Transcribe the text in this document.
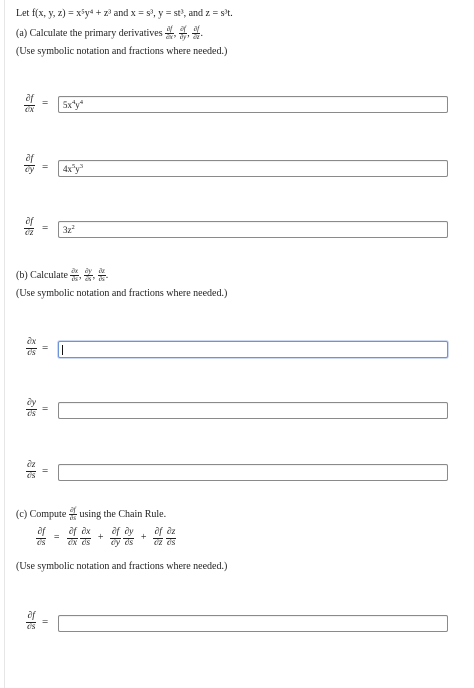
Let f(x, y, z) = x⁵y⁴ + z³ and x = s³, y = st³, and z = s³t.
(a) Calculate the primary derivatives $\frac{\partial f}{\partial x}$ , $\frac{\partial f}{\partial y}$ , $\frac{\partial f}{\partial z}$ .
(Use symbolic notation and fractions where needed.)
$\frac{\partial f}{\partial x} = 5x^4y^4$
$\frac{\partial f}{\partial y} = 4x^5y^3$
$\frac{\partial f}{\partial z} = 3z^2$
(b) Calculate $\frac{\partial x}{\partial s}$ , $\frac{\partial y}{\partial s}$ , $\frac{\partial z}{\partial s}$ .
(Use symbolic notation and fractions where needed.)
$\frac{\partial x}{\partial s}$ =
$\frac{\partial y}{\partial s}$ =
$\frac{\partial z}{\partial s}$ =
(c) Compute $\frac{\partial f}{\partial s}$ using the Chain Rule.
$\frac{\partial f}{\partial s} = \frac{\partial f}{\partial x}$
$\frac{\partial x}{\partial s} + \frac{\partial f}{\partial y}$
$\frac{\partial y}{\partial s} + \frac{\partial f}{\partial z}$
$\frac{\partial z}{\partial s}$
(Use symbolic notation and fractions where needed.)
$\frac{\partial f}{\partial s}$ =
